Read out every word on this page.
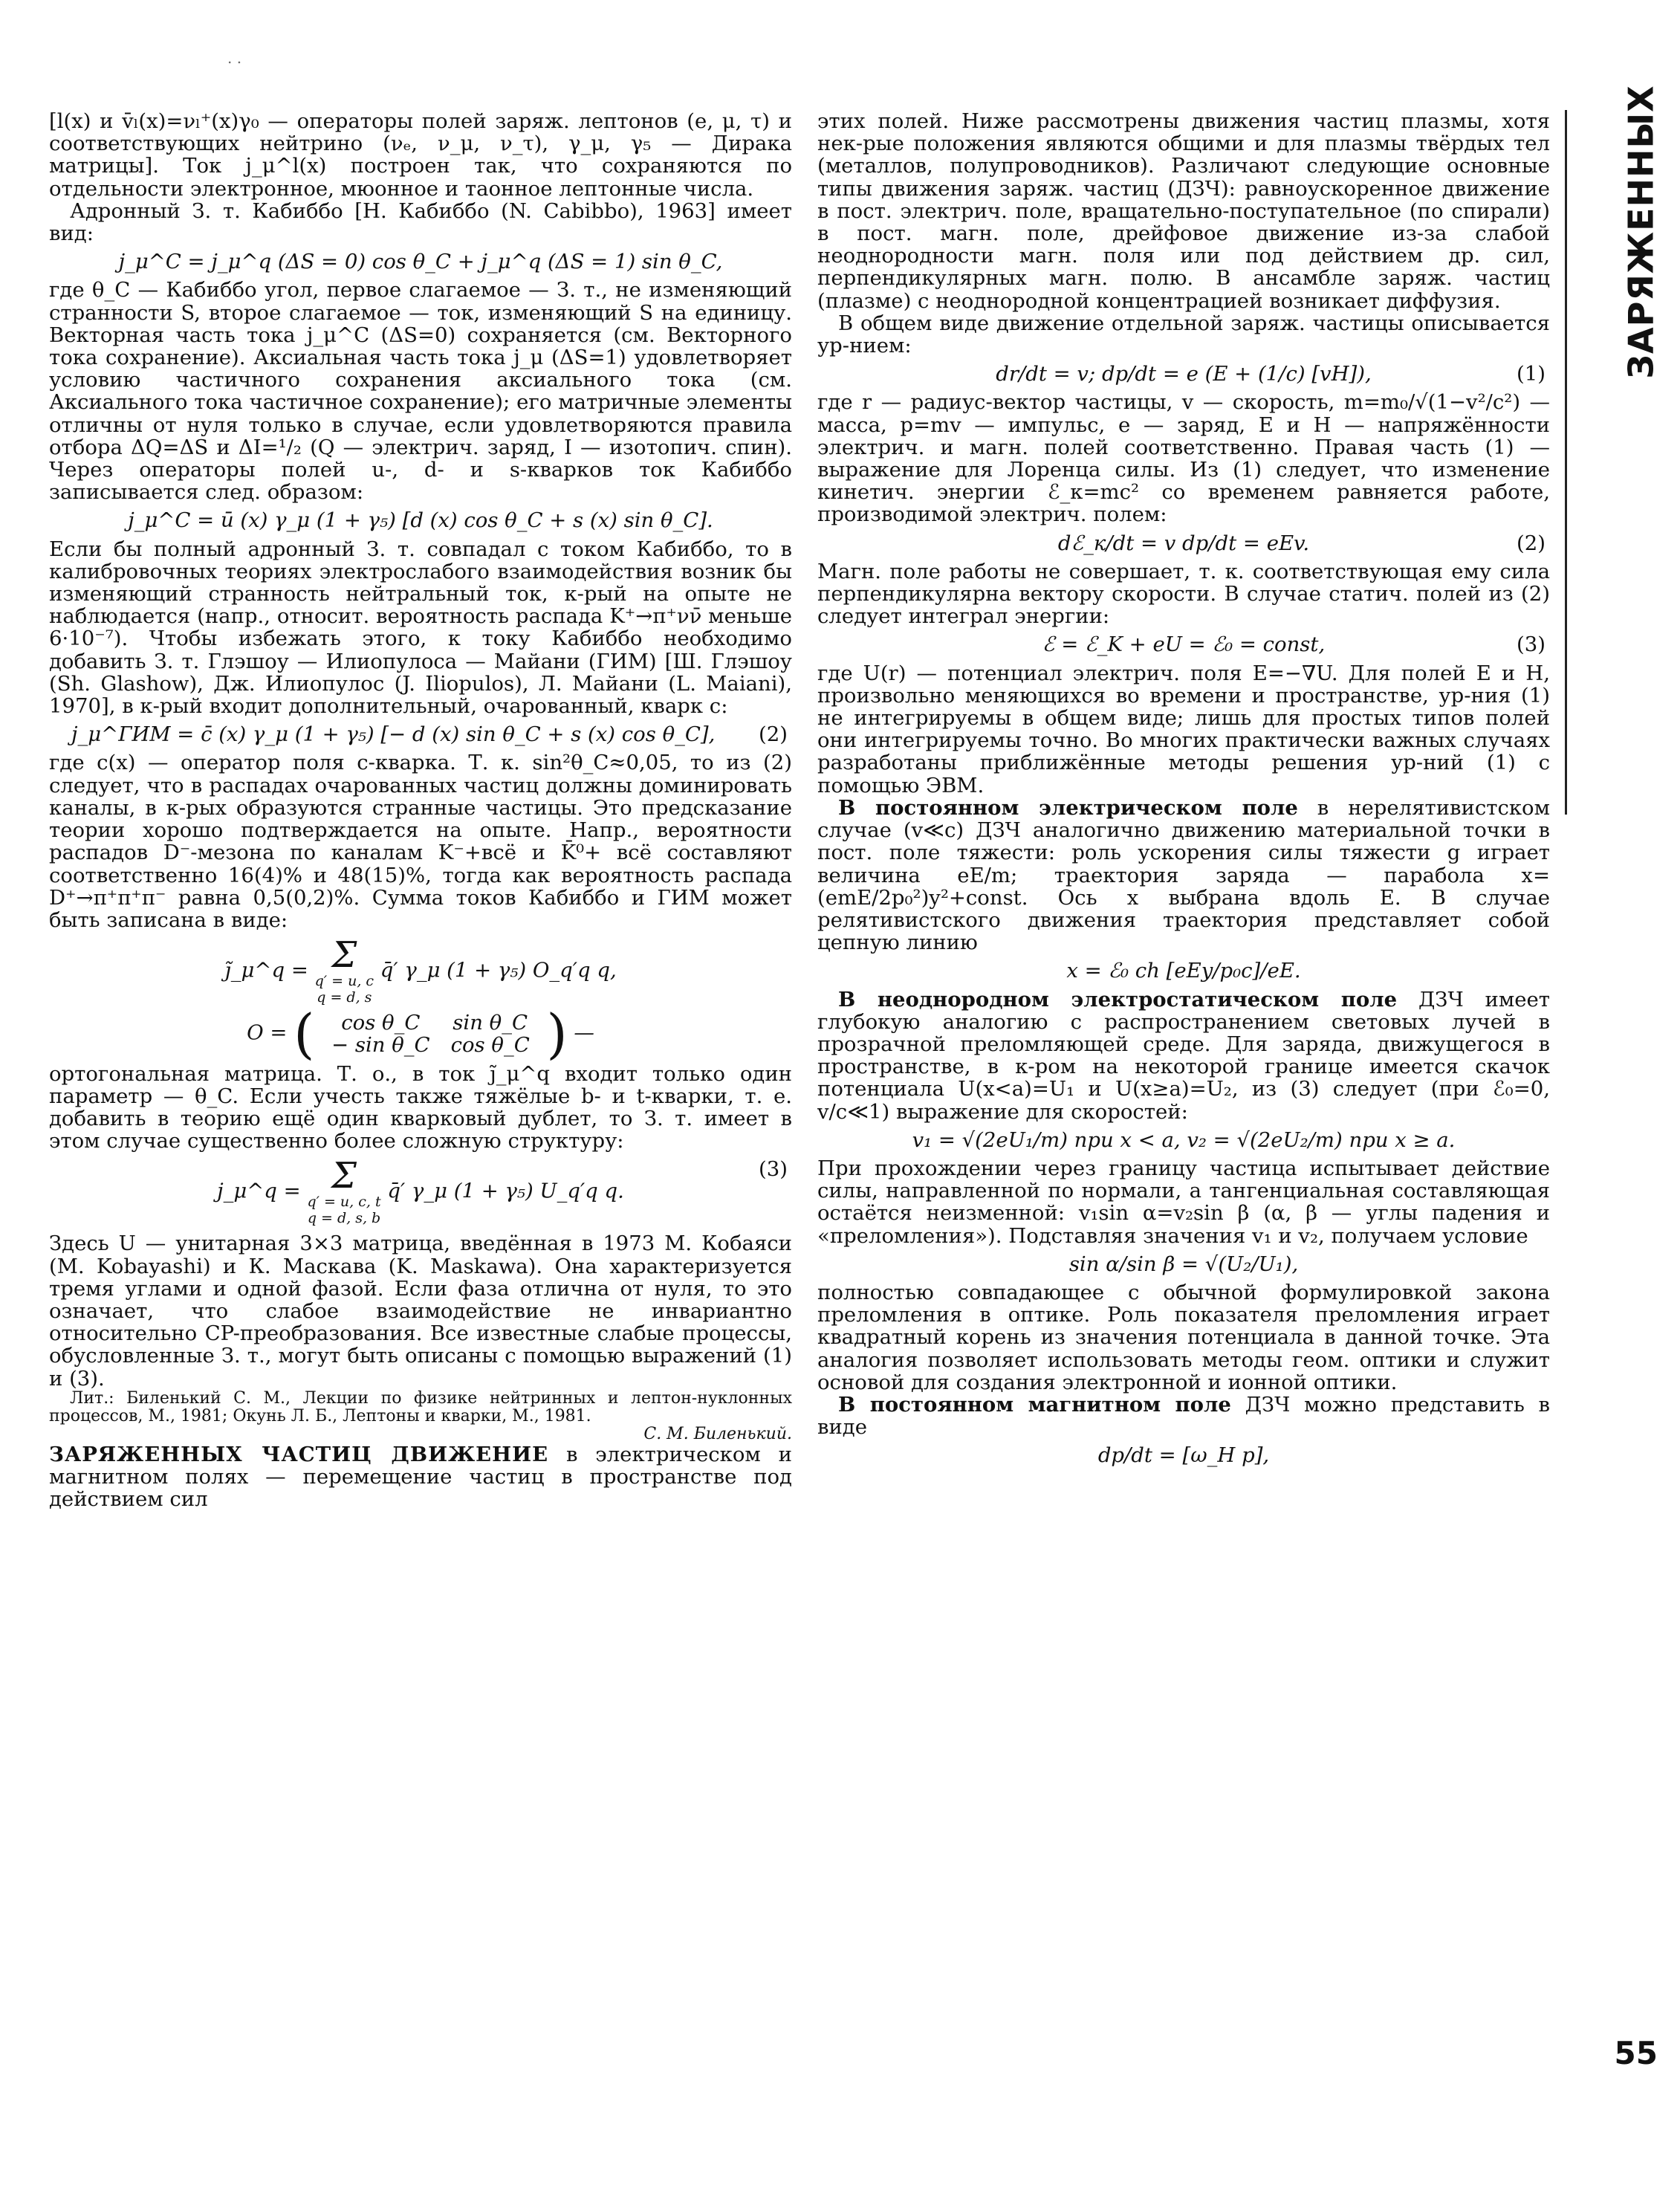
. .
ЗАРЯЖЕННЫХ

[l(x) и v̄ₗ(x)=νₗ⁺(x)γ₀ — операторы полей заряж. лептонов (e, μ, τ) и соответствующих нейтрино (νₑ, ν_μ, ν_τ), γ_μ, γ₅ — Дирака матрицы]. Ток j_μ^l(x) построен так, что сохраняются по отдельности электронное, мюонное и таонное лептонные числа.

Адронный З. т. Кабиббо [Н. Кабиббо (N. Cabibbo), 1963] имеет вид:

j_μ^C = j_μ^q (ΔS = 0) cos θ_C + j_μ^q (ΔS = 1) sin θ_C,

где θ_C — Кабиббо угол, первое слагаемое — З. т., не изменяющий странности S, второе слагаемое — ток, изменяющий S на единицу. Векторная часть тока j_μ^C (ΔS=0) сохраняется (см. Векторного тока сохранение). Аксиальная часть тока j_μ (ΔS=1) удовлетворяет условию частичного сохранения аксиального тока (см. Аксиального тока частичное сохранение); его матричные элементы отличны от нуля только в случае, если удовлетворяются правила отбора ΔQ=ΔS и ΔI=¹/₂ (Q — электрич. заряд, I — изотопич. спин). Через операторы полей u-, d- и s-кварков ток Кабиббо записывается след. образом:

j_μ^C = ū (x) γ_μ (1 + γ₅) [d (x) cos θ_C + s (x) sin θ_C].

Если бы полный адронный З. т. совпадал с током Кабиббо, то в калибровочных теориях электрослабого взаимодействия возник бы изменяющий странность нейтральный ток, к-рый на опыте не наблюдается (напр., относит. вероятность распада K⁺→π⁺νν̄ меньше 6·10⁻⁷). Чтобы избежать этого, к току Кабиббо необходимо добавить З. т. Глэшоу — Илиопулоса — Майани (ГИМ) [Ш. Глэшоу (Sh. Glashow), Дж. Илиопулос (J. Iliopulos), Л. Майани (L. Maiani), 1970], в к-рый входит дополнительный, очарованный, кварк c:

j_μ^ГИМ = c̄ (x) γ_μ (1 + γ₅) [− d (x) sin θ_C + s (x) cos θ_C], (2)

где c(x) — оператор поля c-кварка. Т. к. sin²θ_C≈0,05, то из (2) следует, что в распадах очарованных частиц должны доминировать каналы, в к-рых образуются странные частицы. Это предсказание теории хорошо подтверждается на опыте. Напр., вероятности распадов D⁻-мезона по каналам K⁻+всё и K̄⁰+ всё составляют соответственно 16(4)% и 48(15)%, тогда как вероятность распада D⁺→π⁺π⁺π⁻ равна 0,5(0,2)%. Сумма токов Кабиббо и ГИМ может быть записана в виде:

j̃_μ^q = Σ
q′ = u, c
q = d, s
q̄′ γ_μ (1 + γ₅) O_q′q q,
O = ( cos θ_C	sin θ_C
− sin θ_C	cos θ_C ) —

ортогональная матрица. Т. о., в ток j̃_μ^q входит только один параметр — θ_C. Если учесть также тяжёлые b- и t-кварки, т. е. добавить в теорию ещё один кварковый дублет, то З. т. имеет в этом случае существенно более сложную структуру:

j_μ^q = Σ
q′ = u, c, t
q = d, s, b
q̄′ γ_μ (1 + γ₅) U_q′q q.
(3)

Здесь U — унитарная 3×3 матрица, введённая в 1973 М. Кобаяси (M. Kobayashi) и К. Маскава (K. Maskawa). Она характеризуется тремя углами и одной фазой. Если фаза отлична от нуля, то это означает, что слабое взаимодействие не инвариантно относительно CP-преобразования. Все известные слабые процессы, обусловленные З. т., могут быть описаны с помощью выражений (1) и (3).

Лит.: Биленький С. М., Лекции по физике нейтринных и лептон-нуклонных процессов, М., 1981; Окунь Л. Б., Лептоны и кварки, М., 1981.

С. М. Биленький.

ЗАРЯЖЕННЫХ ЧАСТИЦ ДВИЖЕНИЕ в электрическом и магнитном полях — перемещение частиц в пространстве под действием сил

этих полей. Ниже рассмотрены движения частиц плазмы, хотя нек-рые положения являются общими и для плазмы твёрдых тел (металлов, полупроводников). Различают следующие основные типы движения заряж. частиц (ДЗЧ): равноускоренное движение в пост. электрич. поле, вращательно-поступательное (по спирали) в пост. магн. поле, дрейфовое движение из-за слабой неоднородности магн. поля или под действием др. сил, перпендикулярных магн. полю. В ансамбле заряж. частиц (плазме) с неоднородной концентрацией возникает диффузия.

В общем виде движение отдельной заряж. частицы описывается ур-нием:

dr/dt = v; dp/dt = e (E + (1/c) [vH]),	(1)

где r — радиус-вектор частицы, v — скорость, m=m₀/√(1−v²/c²) — масса, p=mv — импульс, e — заряд, E и H — напряжённости электрич. и магн. полей соответственно. Правая часть (1) — выражение для Лоренца силы. Из (1) следует, что изменение кинетич. энергии ℰ_к=mc² со временем равняется работе, производимой электрич. полем:

dℰ_к/dt = v dp/dt = eEv.	(2)

Магн. поле работы не совершает, т. к. соответствующая ему сила перпендикулярна вектору скорости. В случае статич. полей из (2) следует интеграл энергии:

ℰ = ℰ_K + eU = ℰ₀ = const,	(3)

где U(r) — потенциал электрич. поля E=−∇U. Для полей E и H, произвольно меняющихся во времени и пространстве, ур-ния (1) не интегрируемы в общем виде; лишь для простых типов полей они интегрируемы точно. Во многих практически важных случаях разработаны приближённые методы решения ур-ний (1) с помощью ЭВМ.

В постоянном электрическом поле в нерелятивистском случае (v≪c) ДЗЧ аналогично движению материальной точки в пост. поле тяжести: роль ускорения силы тяжести g играет величина eE/m; траектория заряда — парабола x=(emE/2p₀²)y²+const. Ось x выбрана вдоль E. В случае релятивистского движения траектория представляет собой цепную линию

x = ℰ₀ ch [eEy/p₀c]/eE.

В неоднородном электростатическом поле ДЗЧ имеет глубокую аналогию с распространением световых лучей в прозрачной преломляющей среде. Для заряда, движущегося в пространстве, в к-ром на некоторой границе имеется скачок потенциала U(x<a)=U₁ и U(x≥a)=U₂, из (3) следует (при ℰ₀=0, v/c≪1) выражение для скоростей:

v₁ = √(2eU₁/m) при x < a, v₂ = √(2eU₂/m) при x ≥ a.

При прохождении через границу частица испытывает действие силы, направленной по нормали, а тангенциальная составляющая остаётся неизменной: v₁sin α=v₂sin β (α, β — углы падения и «преломления»). Подставляя значения v₁ и v₂, получаем условие

sin α/sin β = √(U₂/U₁),

полностью совпадающее с обычной формулировкой закона преломления в оптике. Роль показателя преломления играет квадратный корень из значения потенциала в данной точке. Эта аналогия позволяет использовать методы геом. оптики и служит основой для создания электронной и ионной оптики.

В постоянном магнитном поле ДЗЧ можно представить в виде

dp/dt = [ω_H p],
55
